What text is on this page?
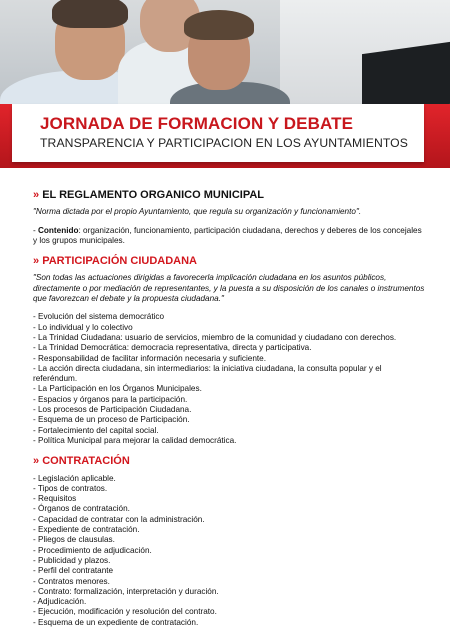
JORNADA DE FORMACION Y DEBATE
TRANSPARENCIA Y PARTICIPACION EN LOS AYUNTAMIENTOS
» EL REGLAMENTO ORGANICO MUNICIPAL
"Norma dictada por el propio Ayuntamiento, que regula su organización y funcionamiento".
- Contenido: organización, funcionamiento, participación ciudadana, derechos y deberes de los concejales y los grupos municipales.
» PARTICIPACIÓN CIUDADANA
"Son todas las actuaciones dirigidas a favorecerla implicación ciudadana en los asuntos públicos, directamente o por mediación de representantes, y la puesta a su disposición de los canales o instrumentos que favorezcan el debate y la propuesta ciudadana."
- Evolución del sistema democrático
- Lo individual y lo colectivo
- La Trinidad Ciudadana: usuario de servicios, miembro de la comunidad y ciudadano con derechos.
- La Trinidad Democrática: democracia representativa, directa y participativa.
- Responsabilidad de facilitar información necesaria y suficiente.
- La acción directa ciudadana, sin intermediarios: la iniciativa ciudadana, la consulta popular y el referéndum.
- La Participación en los Órganos Municipales.
- Espacios y órganos para la participación.
- Los procesos de Participación Ciudadana.
- Esquema de un proceso de Participación.
- Fortalecimiento del capital social.
- Política Municipal para mejorar la calidad democrática.
» CONTRATACIÓN
- Legislación aplicable.
- Tipos de contratos.
- Requisitos
- Órganos de contratación.
- Capacidad de contratar con la administración.
- Expediente de contratación.
- Pliegos de clausulas.
- Procedimiento de adjudicación.
- Publicidad y plazos.
- Perfil del contratante
- Contratos menores.
- Contrato: formalización, interpretación y duración.
- Adjudicación.
- Ejecución, modificación y resolución del contrato.
- Esquema de un expediente de contratación.
